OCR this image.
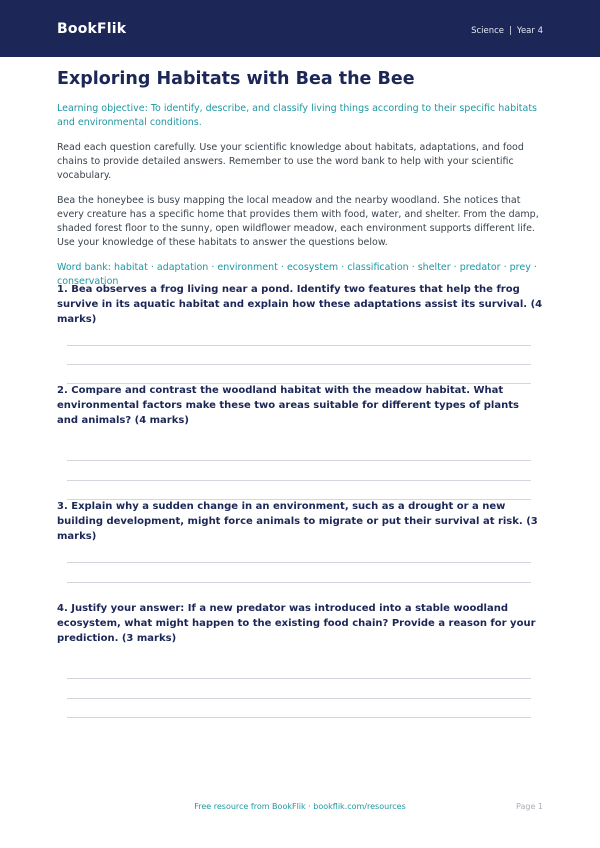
BookFlik	Science | Year 4
Exploring Habitats with Bea the Bee
Learning objective: To identify, describe, and classify living things according to their specific habitats and environmental conditions.
Read each question carefully. Use your scientific knowledge about habitats, adaptations, and food chains to provide detailed answers. Remember to use the word bank to help with your scientific vocabulary.
Bea the honeybee is busy mapping the local meadow and the nearby woodland. She notices that every creature has a specific home that provides them with food, water, and shelter. From the damp, shaded forest floor to the sunny, open wildflower meadow, each environment supports different life. Use your knowledge of these habitats to answer the questions below.
Word bank: habitat · adaptation · environment · ecosystem · classification · shelter · predator · prey · conservation

1. Bea observes a frog living near a pond. Identify two features that help the frog survive in its aquatic habitat and explain how these adaptations assist its survival. (4 marks)

2. Compare and contrast the woodland habitat with the meadow habitat. What environmental factors make these two areas suitable for different types of plants and animals? (4 marks)

3. Explain why a sudden change in an environment, such as a drought or a new building development, might force animals to migrate or put their survival at risk. (3 marks)

4. Justify your answer: If a new predator was introduced into a stable woodland ecosystem, what might happen to the existing food chain? Provide a reason for your prediction. (3 marks)

Free resource from BookFlik · bookflik.com/resources	Page 1
